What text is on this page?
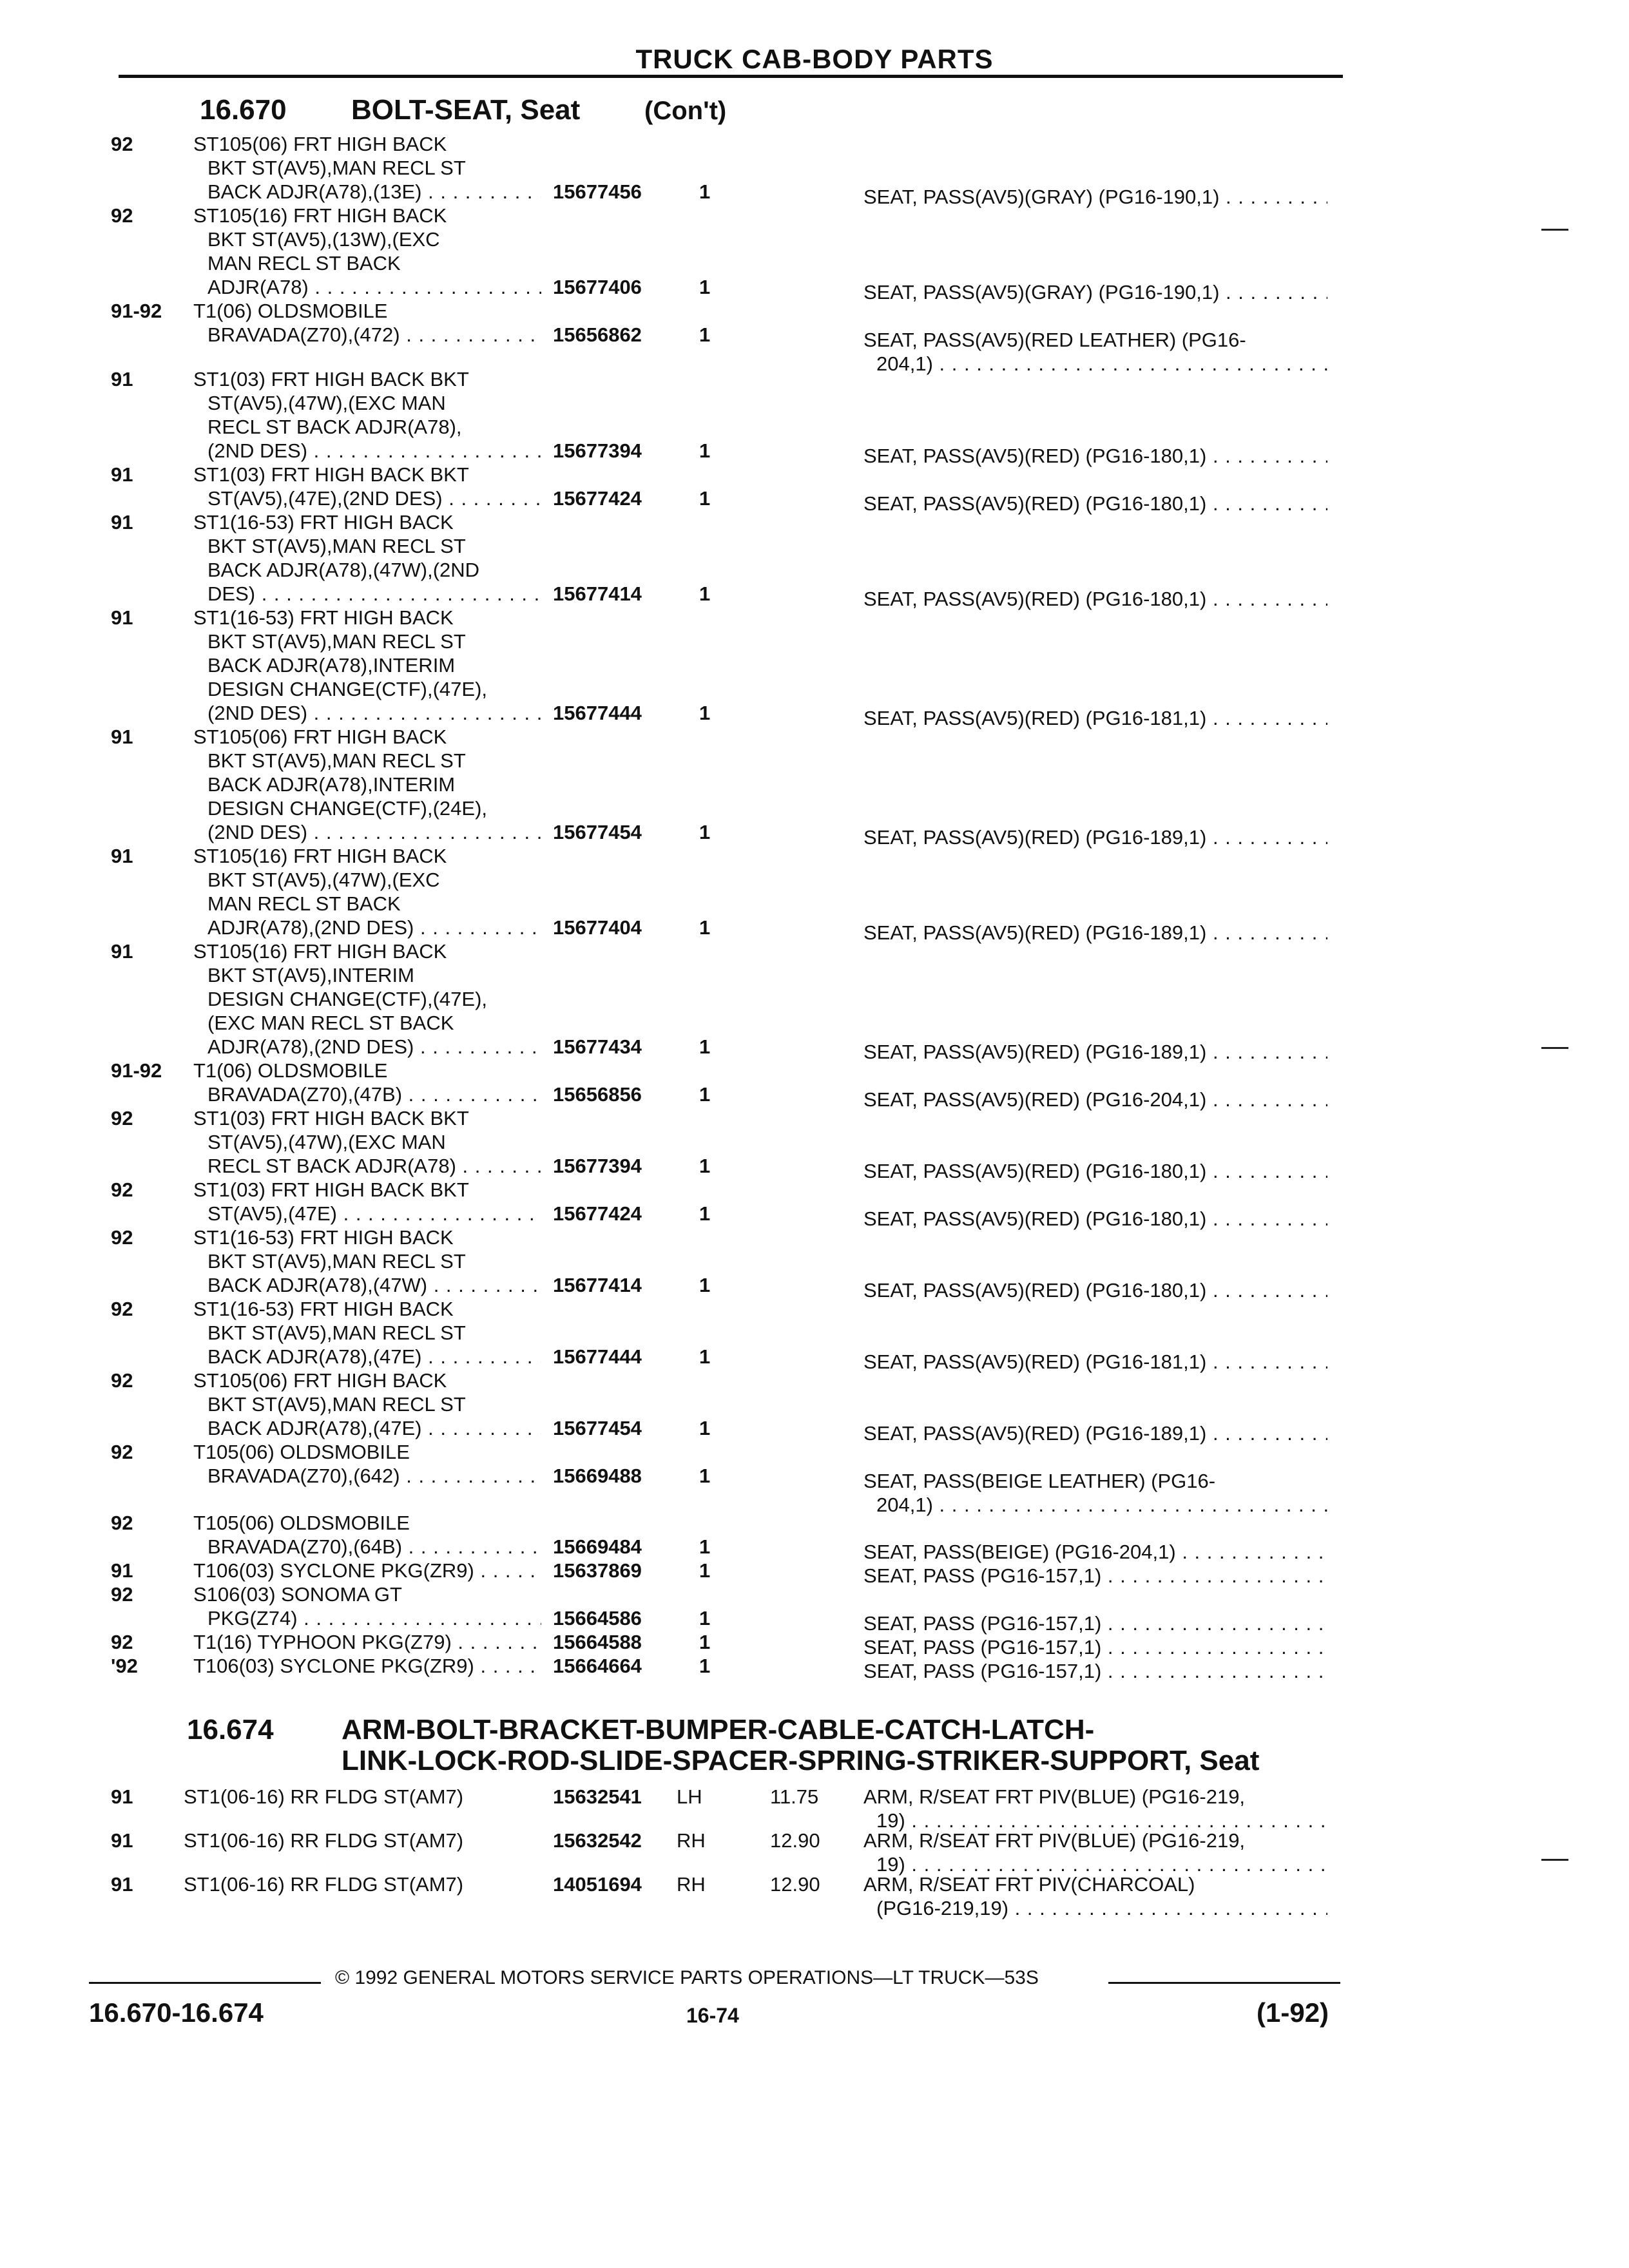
TRUCK CAB-BODY PARTS
16.670 BOLT-SEAT, Seat (Con't)
92	ST105(06) FRT HIGH BACK
BKT ST(AV5),MAN RECL ST
BACK ADJR(A78),(13E) . . .	15677456	1	SEAT, PASS(AV5)(GRAY) (PG16-190,1) . . .
92	ST105(16) FRT HIGH BACK
BKT ST(AV5),(13W),(EXC
MAN RECL ST BACK
ADJR(A78) . . .	15677406	1	SEAT, PASS(AV5)(GRAY) (PG16-190,1) . . .
91-92	T1(06) OLDSMOBILE
BRAVADA(Z70),(472) . . .	15656862	1	SEAT, PASS(AV5)(RED LEATHER) (PG16-
204,1) . . .
91	ST1(03) FRT HIGH BACK BKT
ST(AV5),(47W),(EXC MAN
RECL ST BACK ADJR(A78),
(2ND DES) . . .	15677394	1	SEAT, PASS(AV5)(RED) (PG16-180,1) . . .
91	ST1(03) FRT HIGH BACK BKT
ST(AV5),(47E),(2ND DES) . . .	15677424	1	SEAT, PASS(AV5)(RED) (PG16-180,1) . . .
91	ST1(16-53) FRT HIGH BACK
BKT ST(AV5),MAN RECL ST
BACK ADJR(A78),(47W),(2ND
DES) . . .	15677414	1	SEAT, PASS(AV5)(RED) (PG16-180,1) . . .
91	ST1(16-53) FRT HIGH BACK
BKT ST(AV5),MAN RECL ST
BACK ADJR(A78),INTERIM
DESIGN CHANGE(CTF),(47E),
(2ND DES) . . .	15677444	1	SEAT, PASS(AV5)(RED) (PG16-181,1) . . .
91	ST105(06) FRT HIGH BACK
BKT ST(AV5),MAN RECL ST
BACK ADJR(A78),INTERIM
DESIGN CHANGE(CTF),(24E),
(2ND DES) . . .	15677454	1	SEAT, PASS(AV5)(RED) (PG16-189,1) . . .
91	ST105(16) FRT HIGH BACK
BKT ST(AV5),(47W),(EXC
MAN RECL ST BACK
ADJR(A78),(2ND DES) . . .	15677404	1	SEAT, PASS(AV5)(RED) (PG16-189,1) . . .
91	ST105(16) FRT HIGH BACK
BKT ST(AV5),INTERIM
DESIGN CHANGE(CTF),(47E),
(EXC MAN RECL ST BACK
ADJR(A78),(2ND DES) . . .	15677434	1	SEAT, PASS(AV5)(RED) (PG16-189,1) . . .
91-92	T1(06) OLDSMOBILE
BRAVADA(Z70),(47B) . . .	15656856	1	SEAT, PASS(AV5)(RED) (PG16-204,1) . . .
92	ST1(03) FRT HIGH BACK BKT
ST(AV5),(47W),(EXC MAN
RECL ST BACK ADJR(A78) . . .	15677394	1	SEAT, PASS(AV5)(RED) (PG16-180,1) . . .
92	ST1(03) FRT HIGH BACK BKT
ST(AV5),(47E) . . .	15677424	1	SEAT, PASS(AV5)(RED) (PG16-180,1) . . .
92	ST1(16-53) FRT HIGH BACK
BKT ST(AV5),MAN RECL ST
BACK ADJR(A78),(47W) . . .	15677414	1	SEAT, PASS(AV5)(RED) (PG16-180,1) . . .
92	ST1(16-53) FRT HIGH BACK
BKT ST(AV5),MAN RECL ST
BACK ADJR(A78),(47E) . . .	15677444	1	SEAT, PASS(AV5)(RED) (PG16-181,1) . . .
92	ST105(06) FRT HIGH BACK
BKT ST(AV5),MAN RECL ST
BACK ADJR(A78),(47E) . . .	15677454	1	SEAT, PASS(AV5)(RED) (PG16-189,1) . . .
92	T105(06) OLDSMOBILE
BRAVADA(Z70),(642) . . .	15669488	1	SEAT, PASS(BEIGE LEATHER) (PG16-
204,1) . . .
92	T105(06) OLDSMOBILE
BRAVADA(Z70),(64B) . . .	15669484	1	SEAT, PASS(BEIGE) (PG16-204,1) . . .
91	T106(03) SYCLONE PKG(ZR9) . . .	15637869	1	SEAT, PASS (PG16-157,1) . . .
92	S106(03) SONOMA GT
PKG(Z74) . . .	15664586	1	SEAT, PASS (PG16-157,1) . . .
92	T1(16) TYPHOON PKG(Z79) . . .	15664588	1	SEAT, PASS (PG16-157,1) . . .
'92	T106(03) SYCLONE PKG(ZR9) . . .	15664664	1	SEAT, PASS (PG16-157,1) . . .
16.674 ARM-BOLT-BRACKET-BUMPER-CABLE-CATCH-LATCH-
LINK-LOCK-ROD-SLIDE-SPACER-SPRING-STRIKER-SUPPORT, Seat
91	ST1(06-16) RR FLDG ST(AM7)	15632541 LH	11.75 ARM, R/SEAT FRT PIV(BLUE) (PG16-219,
19) . . .
91	ST1(06-16) RR FLDG ST(AM7)	15632542 RH	12.90 ARM, R/SEAT FRT PIV(BLUE) (PG16-219,
19) . . .
91	ST1(06-16) RR FLDG ST(AM7)	14051694 RH	12.90 ARM, R/SEAT FRT PIV(CHARCOAL)
(PG16-219,19) . . .
© 1992 GENERAL MOTORS SERVICE PARTS OPERATIONS—LT TRUCK—53S
16.670-16.674	16-74	(1-92)
